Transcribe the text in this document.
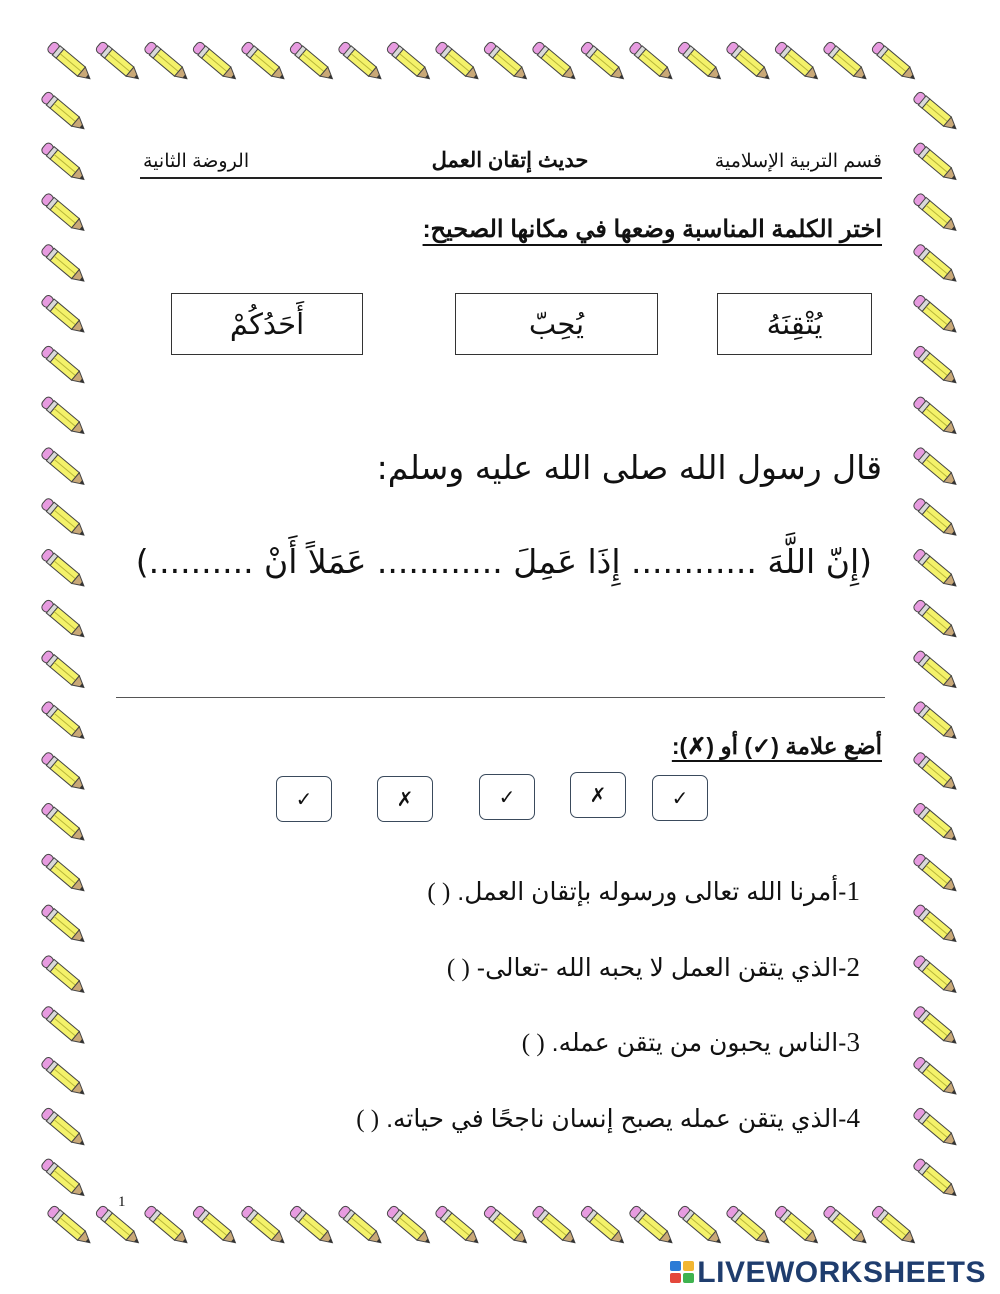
قسم التربية الإسلامية
حديث إتقان العمل
الروضة الثانية
اختر الكلمة المناسبة وضعها في مكانها الصحيح:
يُتْقِنَهُ
يُحِبّ
أَحَدُكُمْ
قال رسول الله صلى الله عليه وسلم:
(إِنّ اللَّهَ ............ إِذَا عَمِلَ ............ عَمَلاً أَنْ ..........)
أضع علامة (✓) أو (✗):
✓	✗	✓	✗	✓
1-أمرنا الله تعالى ورسوله بإتقان العمل. ( )
2-الذي يتقن العمل لا يحبه الله -تعالى- ( )
3-الناس يحبون من يتقن عمله. ( )
4-الذي يتقن عمله يصبح إنسان ناجحًا في حياته. ( )
1
LIVEWORKSHEETS
